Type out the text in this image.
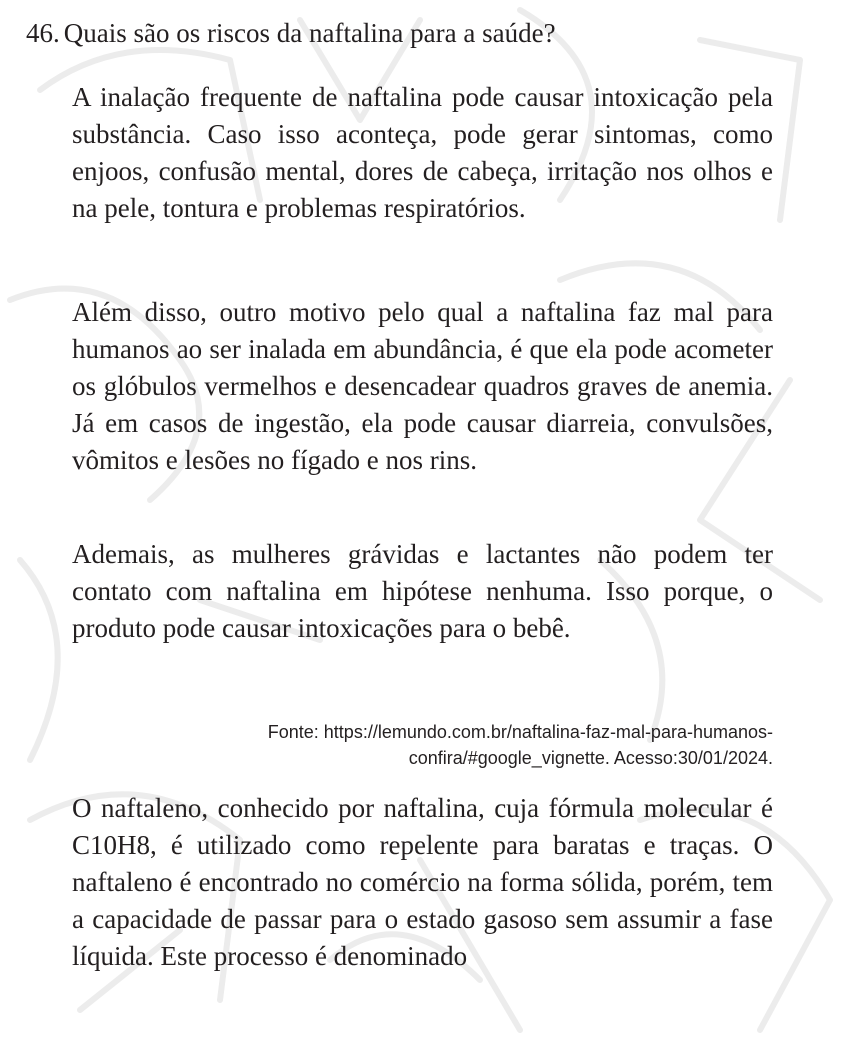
46. Quais são os riscos da naftalina para a saúde?

A inalação frequente de naftalina pode causar intoxicação pela substância. Caso isso aconteça, pode gerar sintomas, como enjoos, confusão mental, dores de cabeça, irritação nos olhos e na pele, tontura e problemas respiratórios.

Além disso, outro motivo pelo qual a naftalina faz mal para humanos ao ser inalada em abundância, é que ela pode acometer os glóbulos vermelhos e desencadear quadros graves de anemia. Já em casos de ingestão, ela pode causar diarreia, convulsões, vômitos e lesões no fígado e nos rins.

Ademais, as mulheres grávidas e lactantes não podem ter contato com naftalina em hipótese nenhuma. Isso porque, o produto pode causar intoxicações para o bebê.

Fonte: https://lemundo.com.br/naftalina-faz-mal-para-humanos-
confira/#google_vignette. Acesso:30/01/2024.

O naftaleno, conhecido por naftalina, cuja fórmula molecular é C10H8, é utilizado como repelente para baratas e traças. O naftaleno é encontrado no comércio na forma sólida, porém, tem a capacidade de passar para o estado gasoso sem assumir a fase líquida. Este processo é denominado
